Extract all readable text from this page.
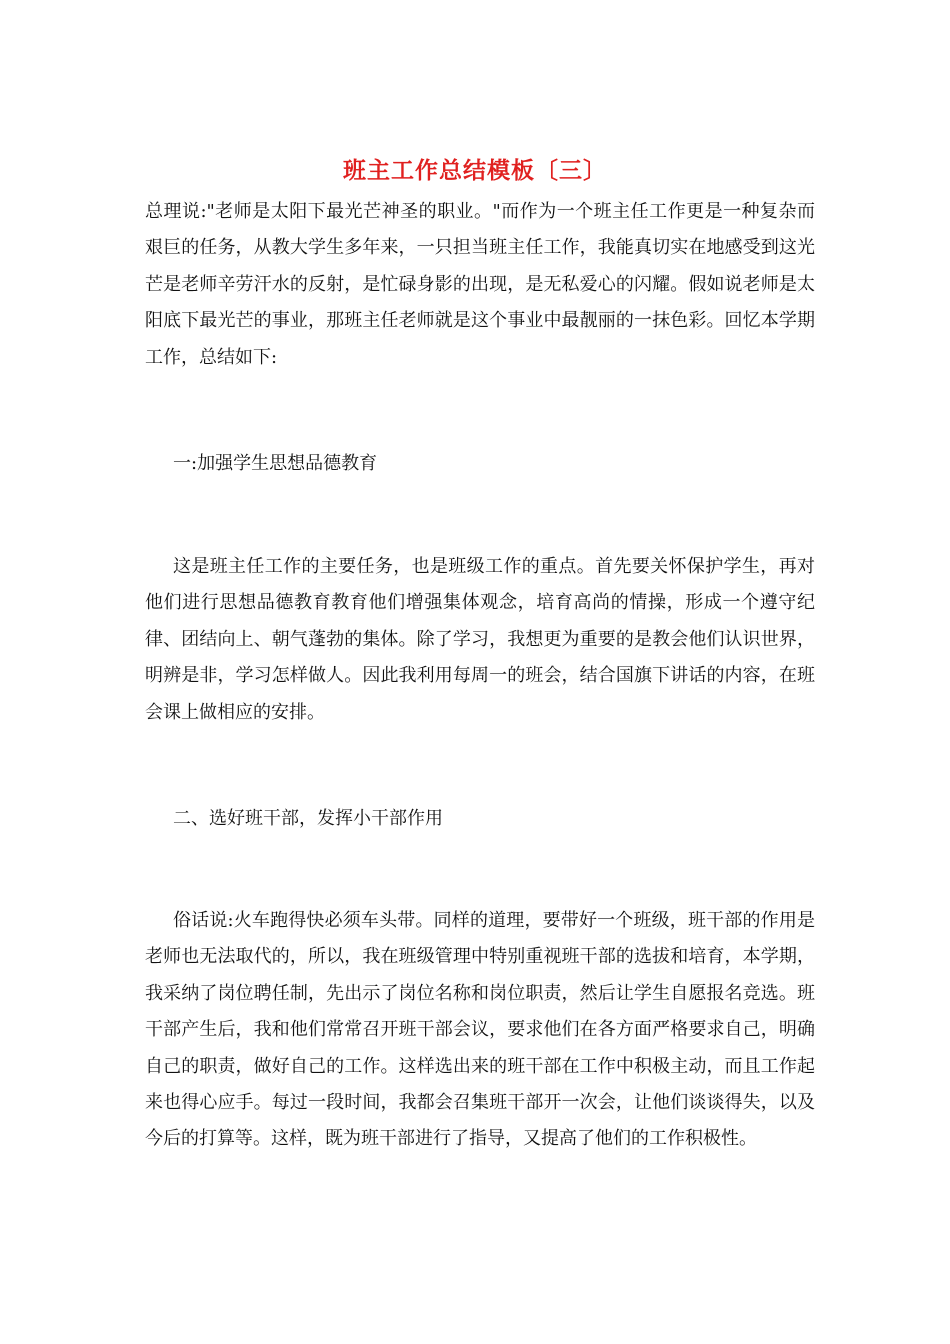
班主工作总结模板〔三〕

总理说:"老师是太阳下最光芒神圣的职业。"而作为一个班主任工作更是一种复杂而艰巨的任务，从教大学生多年来，一只担当班主任工作，我能真切实在地感受到这光芒是老师辛劳汗水的反射，是忙碌身影的出现，是无私爱心的闪耀。假如说老师是太阳底下最光芒的事业，那班主任老师就是这个事业中最靓丽的一抹色彩。回忆本学期工作，总结如下:

一:加强学生思想品德教育

这是班主任工作的主要任务，也是班级工作的重点。首先要关怀保护学生，再对他们进行思想品德教育教育他们增强集体观念，培育高尚的情操，形成一个遵守纪律、团结向上、朝气蓬勃的集体。除了学习，我想更为重要的是教会他们认识世界，明辨是非，学习怎样做人。因此我利用每周一的班会，结合国旗下讲话的内容，在班会课上做相应的安排。

二、选好班干部，发挥小干部作用

俗话说:火车跑得快必须车头带。同样的道理，要带好一个班级，班干部的作用是老师也无法取代的，所以，我在班级管理中特别重视班干部的选拔和培育，本学期，我采纳了岗位聘任制，先出示了岗位名称和岗位职责，然后让学生自愿报名竞选。班干部产生后，我和他们常常召开班干部会议，要求他们在各方面严格要求自己，明确自己的职责，做好自己的工作。这样选出来的班干部在工作中积极主动，而且工作起来也得心应手。每过一段时间，我都会召集班干部开一次会，让他们谈谈得失，以及今后的打算等。这样，既为班干部进行了指导，又提高了他们的工作积极性。
